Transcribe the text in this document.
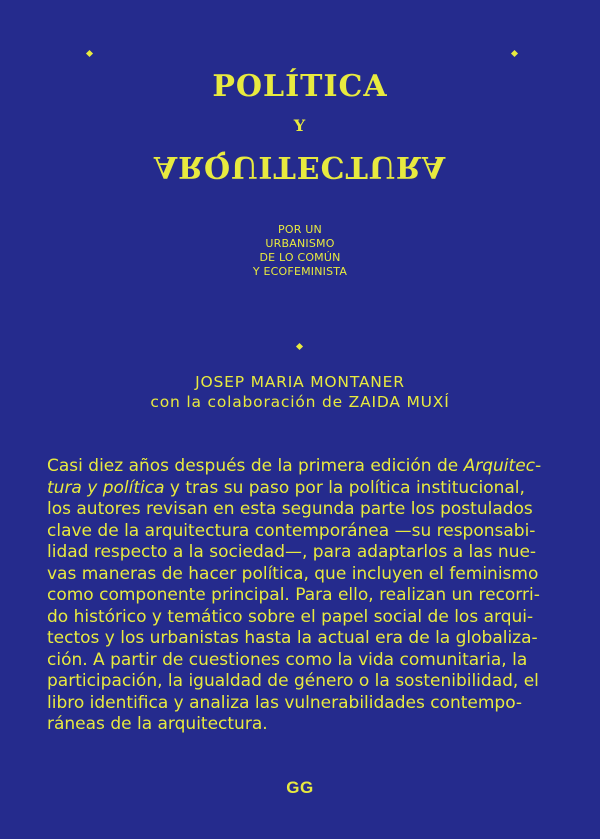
POLÍTICA
Y
ARQUITECTURA
POR UN
URBANISMO
DE LO COMÚN
Y ECOFEMINISTA
JOSEP MARIA MONTANER
con la colaboración de ZAIDA MUXÍ
Casi diez años después de la primera edición de Arquitec-
tura y política y tras su paso por la política institucional,
los autores revisan en esta segunda parte los postulados
clave de la arquitectura contemporánea —su responsabi-
lidad respecto a la sociedad—, para adaptarlos a las nue-
vas maneras de hacer política, que incluyen el feminismo
como componente principal. Para ello, realizan un recorri-
do histórico y temático sobre el papel social de los arqui-
tectos y los urbanistas hasta la actual era de la globaliza-
ción. A partir de cuestiones como la vida comunitaria, la
participación, la igualdad de género o la sostenibilidad, el
libro identifica y analiza las vulnerabilidades contempo-
ráneas de la arquitectura.
GG
